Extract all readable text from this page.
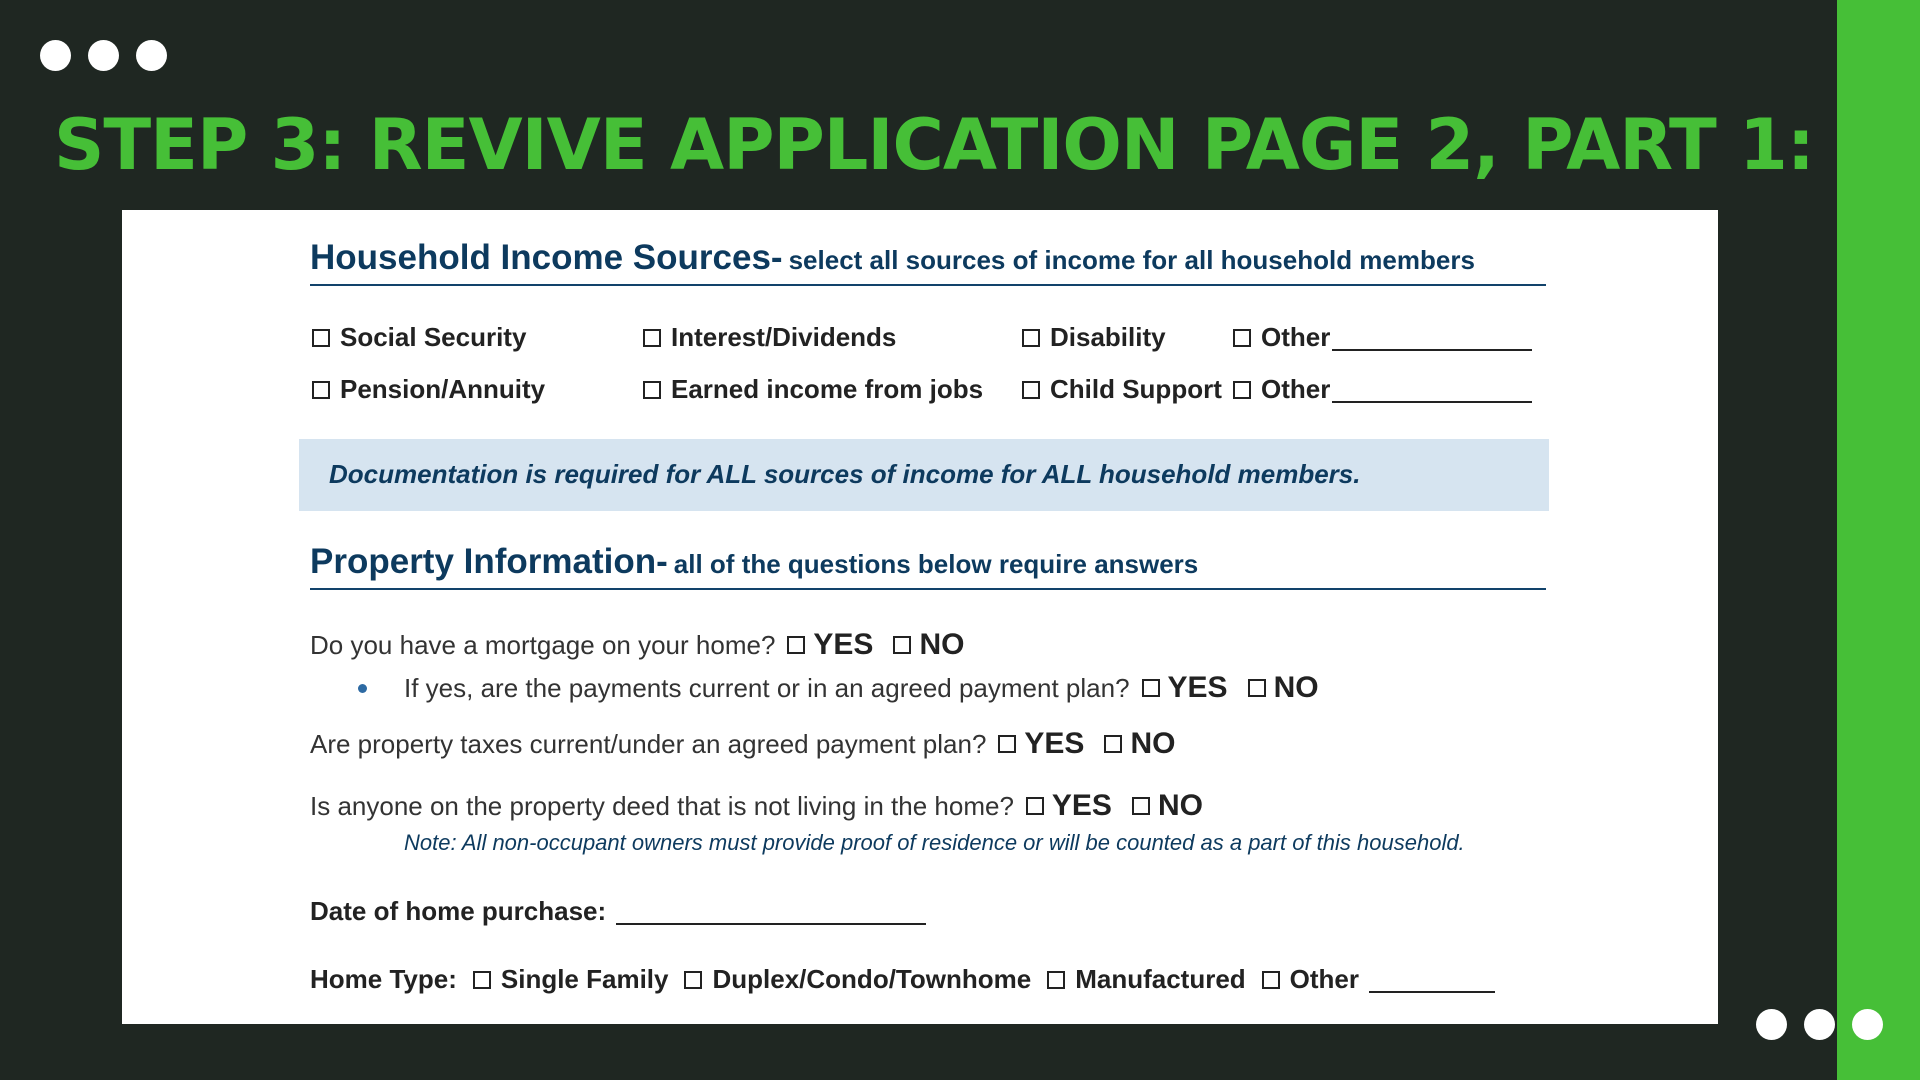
STEP 3: REVIVE APPLICATION PAGE 2, PART 1:
Household Income Sources- select all sources of income for all household members
Social Security	Interest/Dividends	Disability	Other
Pension/Annuity	Earned income from jobs	Child Support Other
Documentation is required for ALL sources of income for ALL household members.
Property Information- all of the questions below require answers
Do you have a mortgage on your home? YES NO
If yes, are the payments current or in an agreed payment plan? YES NO
Are property taxes current/under an agreed payment plan? YES NO
Is anyone on the property deed that is not living in the home? YES NO
Note: All non-occupant owners must provide proof of residence or will be counted as a part of this household.
Date of home purchase:
Home Type: Single Family Duplex/Condo/Townhome Manufactured Other
